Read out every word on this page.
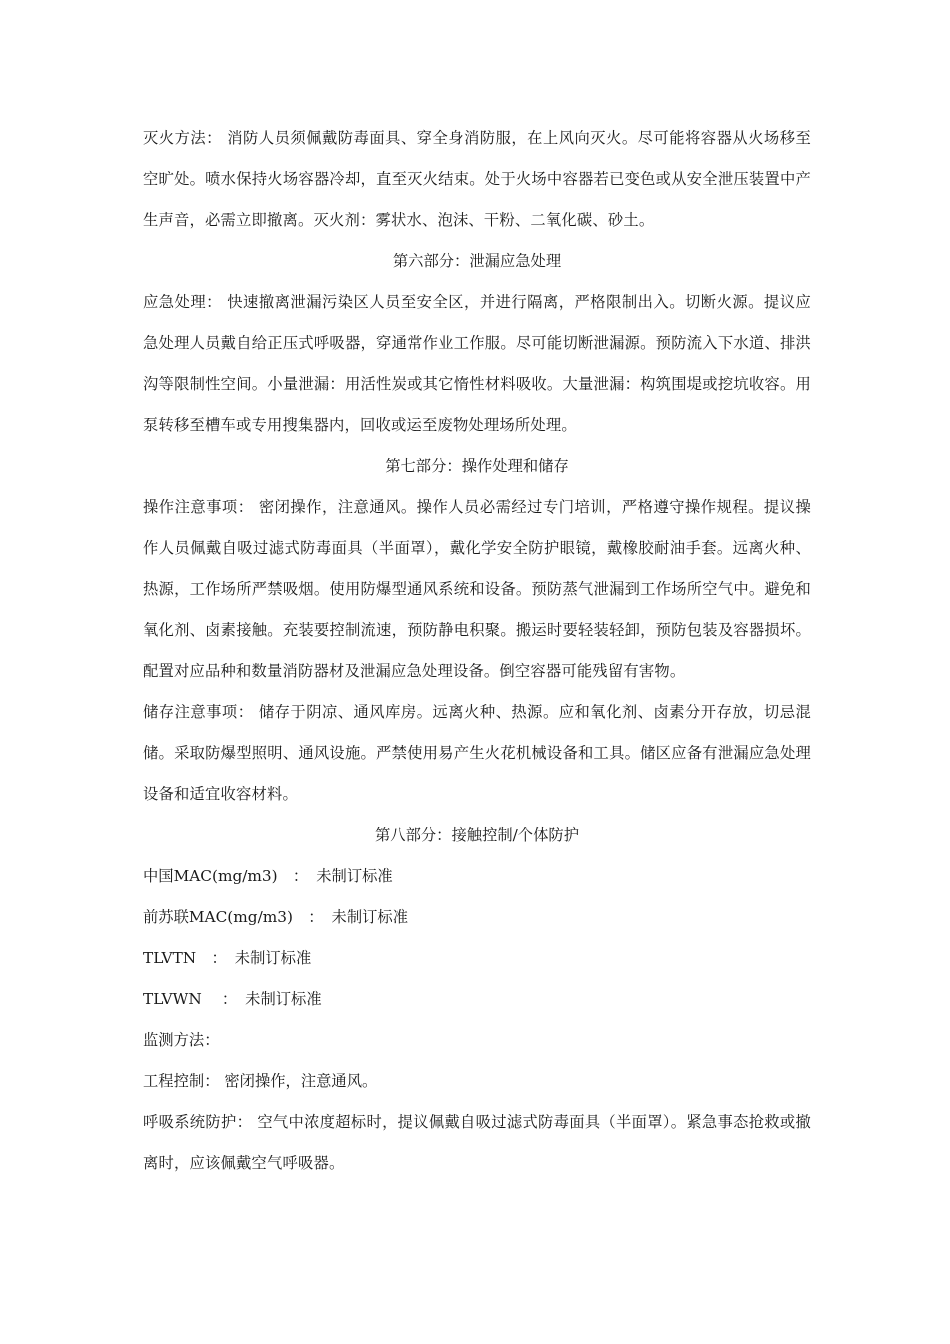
灭火方法： 消防人员须佩戴防毒面具、穿全身消防服，在上风向灭火。尽可能将容器从火场移至空旷处。喷水保持火场容器冷却，直至灭火结束。处于火场中容器若已变色或从安全泄压装置中产生声音，必需立即撤离。灭火剂：雾状水、泡沫、干粉、二氧化碳、砂土。

第六部分：泄漏应急处理

应急处理： 快速撤离泄漏污染区人员至安全区，并进行隔离，严格限制出入。切断火源。提议应急处理人员戴自给正压式呼吸器，穿通常作业工作服。尽可能切断泄漏源。预防流入下水道、排洪沟等限制性空间。小量泄漏：用活性炭或其它惰性材料吸收。大量泄漏：构筑围堤或挖坑收容。用泵转移至槽车或专用搜集器内，回收或运至废物处理场所处理。

第七部分：操作处理和储存

操作注意事项： 密闭操作，注意通风。操作人员必需经过专门培训，严格遵守操作规程。提议操作人员佩戴自吸过滤式防毒面具（半面罩），戴化学安全防护眼镜，戴橡胶耐油手套。远离火种、热源，工作场所严禁吸烟。使用防爆型通风系统和设备。预防蒸气泄漏到工作场所空气中。避免和氧化剂、卤素接触。充装要控制流速，预防静电积聚。搬运时要轻装轻卸，预防包装及容器损坏。配置对应品种和数量消防器材及泄漏应急处理设备。倒空容器可能残留有害物。

储存注意事项： 储存于阴凉、通风库房。远离火种、热源。应和氧化剂、卤素分开存放，切忌混储。采取防爆型照明、通风设施。严禁使用易产生火花机械设备和工具。储区应备有泄漏应急处理设备和适宜收容材料。

第八部分：接触控制/个体防护

中国MAC(mg/m3)　： 未制订标准

前苏联MAC(mg/m3)　： 未制订标准

TLVTN　： 未制订标准

TLVWN　 ： 未制订标准

监测方法：

工程控制： 密闭操作，注意通风。

呼吸系统防护： 空气中浓度超标时，提议佩戴自吸过滤式防毒面具（半面罩）。紧急事态抢救或撤离时，应该佩戴空气呼吸器。
